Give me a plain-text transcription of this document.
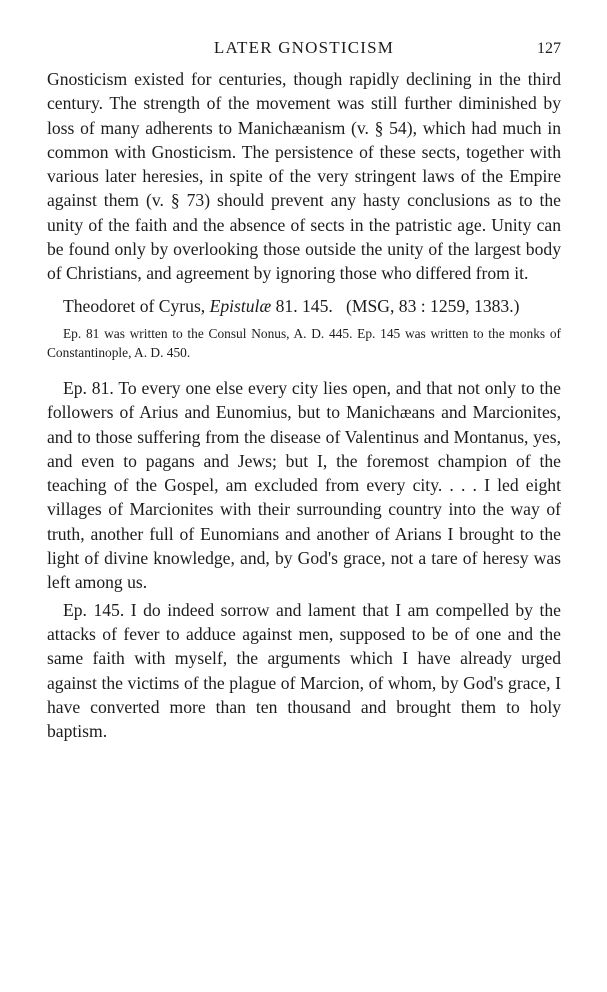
LATER GNOSTICISM	127

Gnosticism existed for centuries, though rapidly declining in the third century. The strength of the movement was still further diminished by loss of many adherents to Manichæanism (v. § 54), which had much in common with Gnosticism. The persistence of these sects, together with various later heresies, in spite of the very stringent laws of the Empire against them (v. § 73) should prevent any hasty conclusions as to the unity of the faith and the absence of sects in the patristic age. Unity can be found only by overlooking those outside the unity of the largest body of Christians, and agreement by ignoring those who differed from it.

Theodoret of Cyrus, Epistulæ 81. 145. (MSG, 83 : 1259, 1383.)

Ep. 81 was written to the Consul Nonus, A. D. 445. Ep. 145 was written to the monks of Constantinople, A. D. 450.

Ep. 81. To every one else every city lies open, and that not only to the followers of Arius and Eunomius, but to Manichæans and Marcionites, and to those suffering from the disease of Valentinus and Montanus, yes, and even to pagans and Jews; but I, the foremost champion of the teaching of the Gospel, am excluded from every city. . . . I led eight villages of Marcionites with their surrounding country into the way of truth, another full of Eunomians and another of Arians I brought to the light of divine knowledge, and, by God's grace, not a tare of heresy was left among us.

Ep. 145. I do indeed sorrow and lament that I am compelled by the attacks of fever to adduce against men, supposed to be of one and the same faith with myself, the arguments which I have already urged against the victims of the plague of Marcion, of whom, by God's grace, I have converted more than ten thousand and brought them to holy baptism.
